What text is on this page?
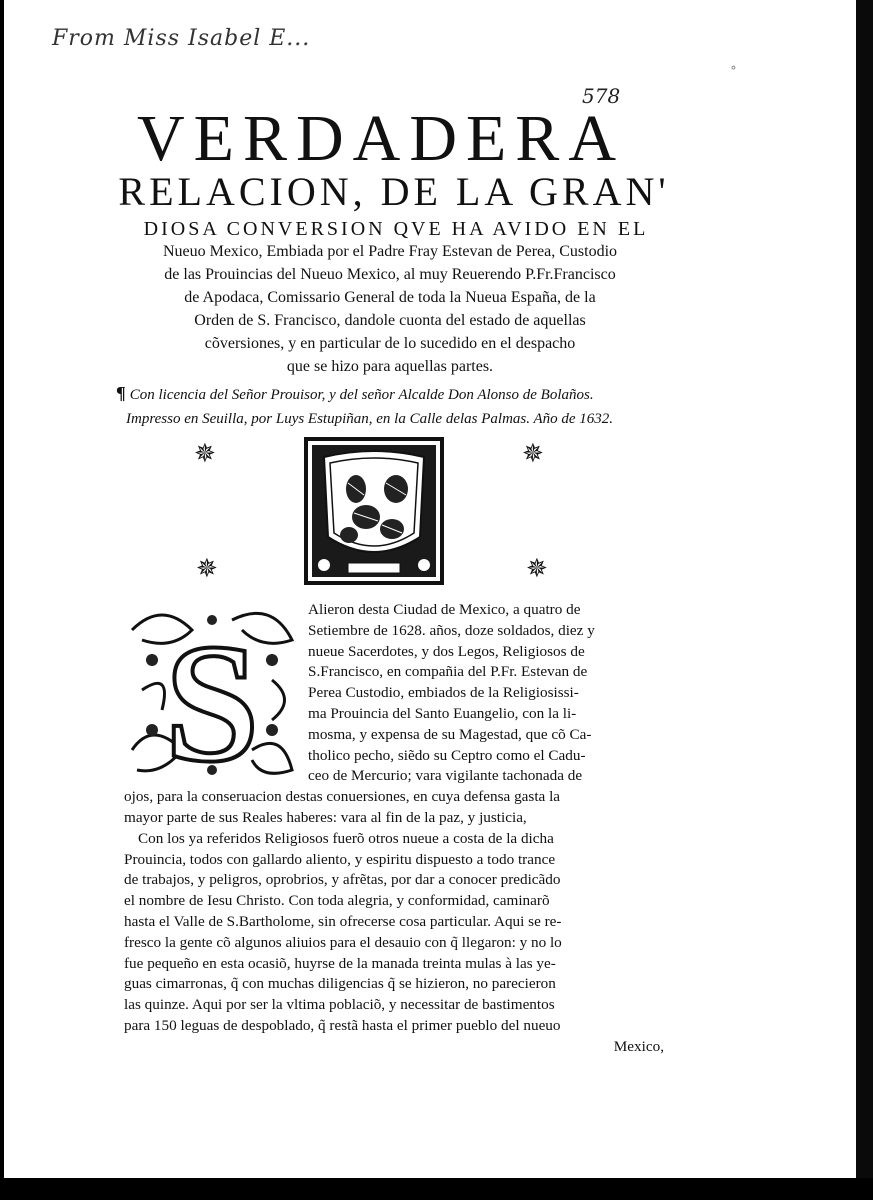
From Miss Isabel E...
578
∘
VERDADERA
RELACION, DE LA GRAN'
DIOSA CONVERSION QVE HA AVIDO EN EL
Nueuo Mexico, Embiada por el Padre Fray Estevan de Perea, Custodio
de las Prouincias del Nueuo Mexico, al muy Reuerendo P.Fr.Francisco
de Apodaca, Comissario General de toda la Nueua España, de la
Orden de S. Francisco, dandole cuonta del estado de aquellas
cõversiones, y en particular de lo sucedido en el despacho
que se hizo para aquellas partes.
¶ Con licencia del Señor Prouisor, y del señor Alcalde Don Alonso de Bolaños.
Impresso en Seuilla, por Luys Estupiñan, en la Calle delas Palmas. Año de 1632.
✵	✵
✵	✵
S	Alieron desta Ciudad de Mexico, a quatro de
Setiembre de 1628. años, doze soldados, diez y
nueue Sacerdotes, y dos Legos, Religiosos de
S.Francisco, en compañia del P.Fr. Estevan de
Perea Custodio, embiados de la Religiosissi-
ma Prouincia del Santo Euangelio, con la li-
mosma, y expensa de su Magestad, que cõ Ca-
tholico pecho, siẽdo su Ceptro como el Cadu-
ceo de Mercurio; vara vigilante tachonada de
ojos, para la conseruacion destas conuersiones, en cuya defensa gasta la
mayor parte de sus Reales haberes: vara al fin de la paz, y justicia,
Con los ya referidos Religiosos fuerõ otros nueue a costa de la dicha
Prouincia, todos con gallardo aliento, y espiritu dispuesto a todo trance
de trabajos, y peligros, oprobrios, y afrẽtas, por dar a conocer predicãdo
el nombre de Iesu Christo. Con toda alegria, y conformidad, caminarõ
hasta el Valle de S.Bartholome, sin ofrecerse cosa particular. Aqui se re-
fresco la gente cõ algunos aliuios para el desauio con q̃ llegaron: y no lo
fue pequeño en esta ocasiõ, huyrse de la manada treinta mulas à las ye-
guas cimarronas, q̃ con muchas diligencias q̃ se hizieron, no parecieron
las quinze. Aqui por ser la vltima poblaciõ, y necessitar de bastimentos
para 150 leguas de despoblado, q̃ restã hasta el primer pueblo del nueuo
Mexico,
